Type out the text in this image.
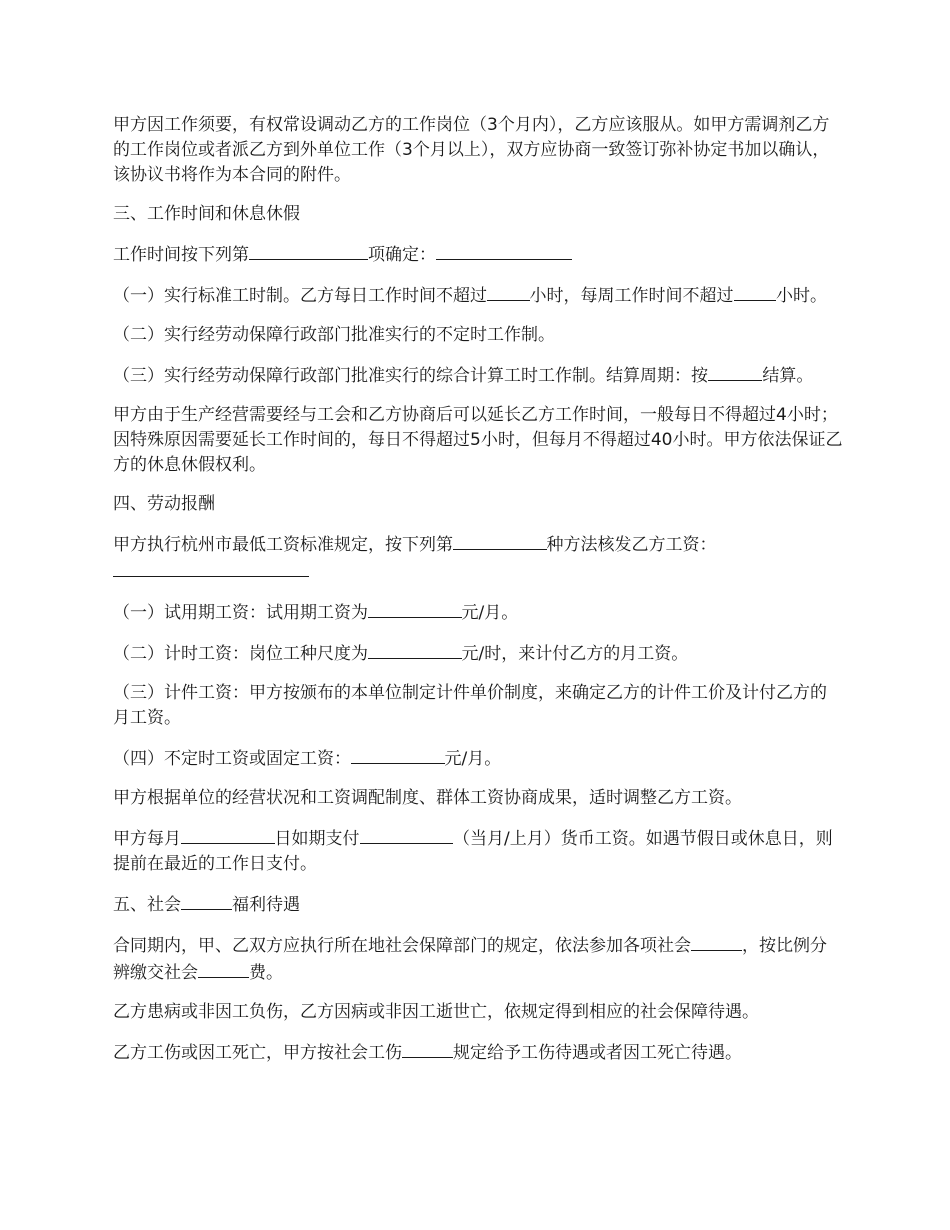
甲方因工作须要，有权常设调动乙方的工作岗位（3个月内），乙方应该服从。如甲方需调剂乙方的工作岗位或者派乙方到外单位工作（3个月以上），双方应协商一致签订弥补协定书加以确认，该协议书将作为本合同的附件。

三、工作时间和休息休假

工作时间按下列第	项确定：

（一）实行标准工时制。乙方每日工作时间不超过	小时，每周工作时间不超过	小时。

（二）实行经劳动保障行政部门批准实行的不定时工作制。

（三）实行经劳动保障行政部门批准实行的综合计算工时工作制。结算周期：按	结算。

甲方由于生产经营需要经与工会和乙方协商后可以延长乙方工作时间，一般每日不得超过4小时；因特殊原因需要延长工作时间的，每日不得超过5小时，但每月不得超过40小时。甲方依法保证乙方的休息休假权利。

四、劳动报酬

甲方执行杭州市最低工资标准规定，按下列第	种方法核发乙方工资：

（一）试用期工资：试用期工资为	元/月。

（二）计时工资：岗位工种尺度为	元/时，来计付乙方的月工资。

（三）计件工资：甲方按颁布的本单位制定计件单价制度，来确定乙方的计件工价及计付乙方的月工资。

（四）不定时工资或固定工资：	元/月。

甲方根据单位的经营状况和工资调配制度、群体工资协商成果，适时调整乙方工资。

甲方每月	日如期支付	（当月/上月）货币工资。如遇节假日或休息日，则提前在最近的工作日支付。

五、社会	福利待遇

合同期内，甲、乙双方应执行所在地社会保障部门的规定，依法参加各项社会	，按比例分辨缴交社会	费。

乙方患病或非因工负伤，乙方因病或非因工逝世亡，依规定得到相应的社会保障待遇。

乙方工伤或因工死亡，甲方按社会工伤	规定给予工伤待遇或者因工死亡待遇。
